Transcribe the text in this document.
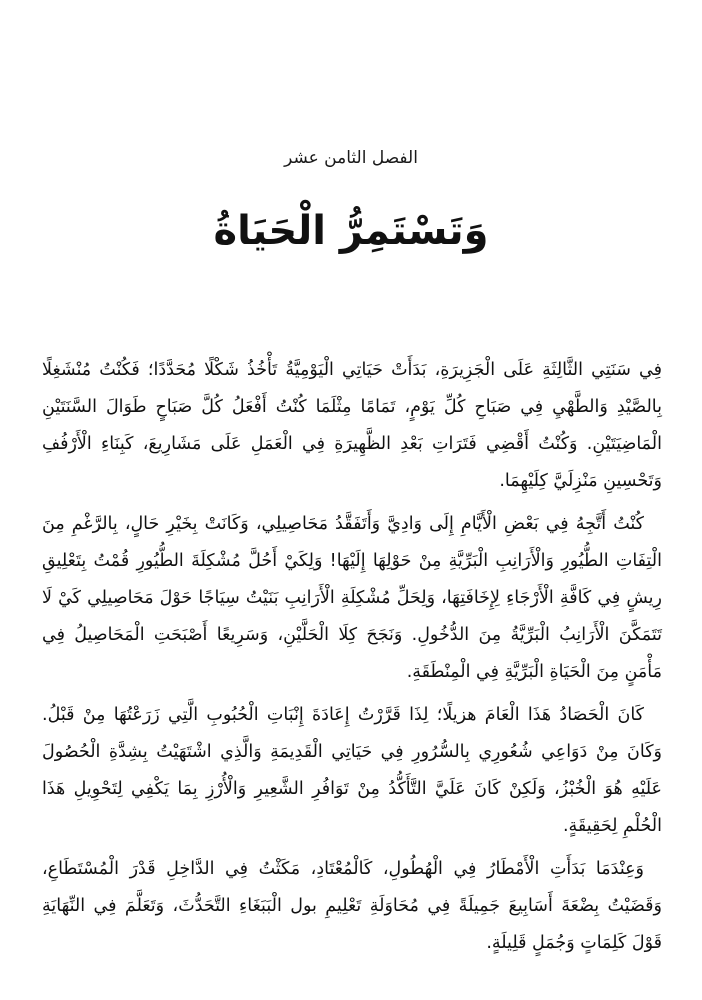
الفصل الثامن عشر
وَتَسْتَمِرُّ الْحَيَاةُ

فِي سَنَتِي الثَّالِثَةِ عَلَى الْجَزِيرَةِ، بَدَأَتْ حَيَاتِي الْيَوْمِيَّةُ تَأْخُذُ شَكْلًا مُحَدَّدًا؛ فَكُنْتُ مُنْشَغِلًا بِالصَّيْدِ وَالطَّهْيِ فِي صَبَاحِ كُلِّ يَوْمٍ، تَمَامًا مِثْلَمَا كُنْتُ أَفْعَلُ كُلَّ صَبَاحٍ طَوَالَ السَّنَتَيْنِ الْمَاضِيَتَيْنِ. وَكُنْتُ أَقْضِي فَتَرَاتِ بَعْدِ الظَّهِيرَةِ فِي الْعَمَلِ عَلَى مَشَارِيعَ، كَبِنَاءِ الْأَرْفُفِ وَتَحْسِينِ مَنْزِلَيَّ كِلَيْهِمَا.

كُنْتُ أَتَّجِهُ فِي بَعْضِ الْأَيَّامِ إِلَى وَادِيَّ وَأَتَفَقَّدُ مَحَاصِيلِي، وَكَانَتْ بِخَيْرِ حَالٍ، بِالرَّغْمِ مِنَ الْتِفَاتِ الطُّيُورِ وَالْأَرَانِبِ الْبَرِّيَّةِ مِنْ حَوْلِهَا إِلَيْهَا! وَلِكَيْ أَحُلَّ مُشْكِلَةَ الطُّيُورِ قُمْتُ بِتَعْلِيقِ رِيشٍ فِي كَافَّةِ الْأَرْجَاءِ لِإِخَافَتِهَا، وَلِحَلِّ مُشْكِلَةِ الْأَرَانِبِ بَنَيْتُ سِيَاجًا حَوْلَ مَحَاصِيلِي كَيْ لَا تَتَمَكَّنَ الْأَرَانِبُ الْبَرِّيَّةُ مِنَ الدُّخُولِ. وَنَجَحَ كِلَا الْحَلَّيْنِ، وَسَرِيعًا أَصْبَحَتِ الْمَحَاصِيلُ فِي مَأْمَنٍ مِنَ الْحَيَاةِ الْبَرِّيَّةِ فِي الْمِنْطَقَةِ.

كَانَ الْحَصَادُ هَذَا الْعَامَ هزيلًا؛ لِذَا قَرَّرْتُ إِعَادَةَ إِنْبَاتِ الْحُبُوبِ الَّتِي زَرَعْتُهَا مِنْ قَبْلُ. وَكَانَ مِنْ دَوَاعِي شُعُورِي بِالسُّرُورِ فِي حَيَاتِي الْقَدِيمَةِ وَالَّذِي اشْتَهَيْتُ بِشِدَّةِ الْحُصُولَ عَلَيْهِ هُوَ الْخُبْزُ، وَلَكِنْ كَانَ عَلَيَّ التَّأَكُّدُ مِنْ تَوَافُرِ الشَّعِيرِ وَالْأُرْزِ بِمَا يَكْفِي لِتَحْوِيلِ هَذَا الْحُلْمِ لِحَقِيقَةٍ.

وَعِنْدَمَا بَدَأَتِ الْأَمْطَارُ فِي الْهُطُولِ، كَالْمُعْتَادِ، مَكَثْتُ فِي الدَّاخِلِ قَدْرَ الْمُسْتَطَاعِ، وَقَضَيْتُ بِضْعَةَ أَسَابِيعَ جَمِيلَةً فِي مُحَاوَلَةِ تَعْلِيمِ بول الْبَبَغَاءِ التَّحَدُّثَ، وَتَعَلَّمَ فِي النِّهَايَةِ قَوْلَ كَلِمَاتٍ وَجُمَلٍ قَلِيلَةٍ.
